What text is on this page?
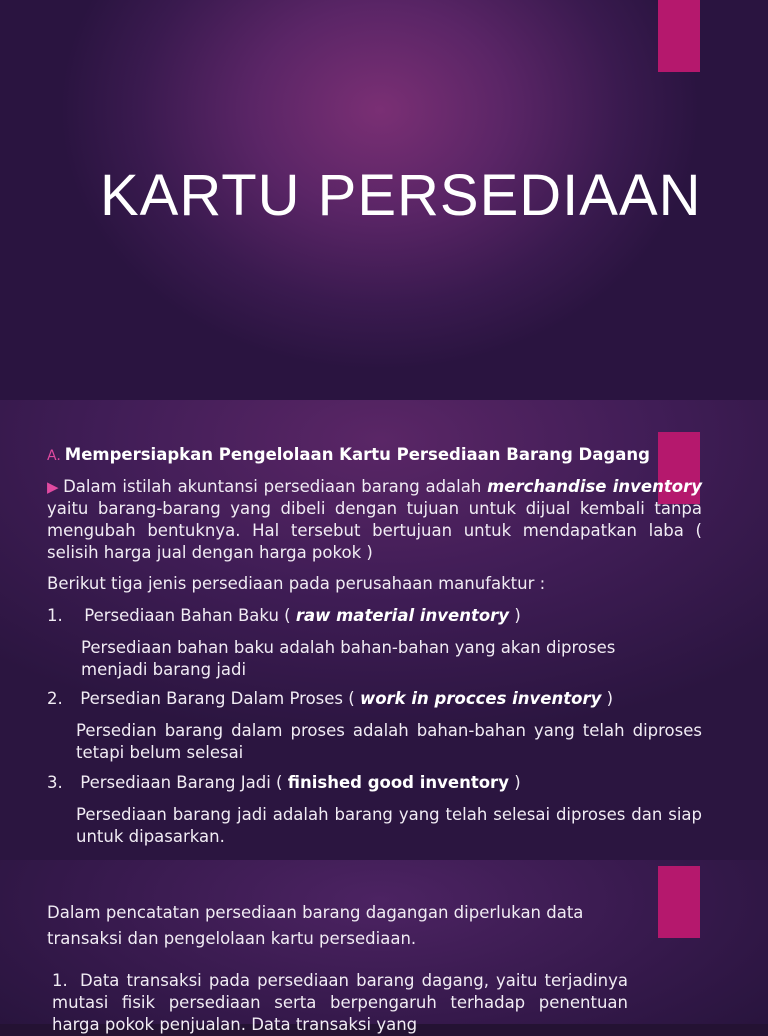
KARTU PERSEDIAAN
A. Mempersiapkan Pengelolaan Kartu Persediaan Barang Dagang
▶ Dalam istilah akuntansi persediaan barang adalah merchandise inventory yaitu barang-barang yang dibeli dengan tujuan untuk dijual kembali tanpa mengubah bentuknya. Hal tersebut bertujuan untuk mendapatkan laba ( selisih harga jual dengan harga pokok )
Berikut tiga jenis persediaan pada perusahaan manufaktur :
1. Persediaan Bahan Baku ( raw material inventory )
Persediaan bahan baku adalah bahan-bahan yang akan diproses menjadi barang jadi
2. Persedian Barang Dalam Proses ( work in procces inventory )
Persedian barang dalam proses adalah bahan-bahan yang telah diproses tetapi belum selesai
3. Persediaan Barang Jadi ( finished good inventory )
Persediaan barang jadi adalah barang yang telah selesai diproses dan siap untuk dipasarkan.
Dalam pencatatan persediaan barang dagangan diperlukan data transaksi dan pengelolaan kartu persediaan.
1. Data transaksi pada persediaan barang dagang, yaitu terjadinya mutasi fisik persediaan serta berpengaruh terhadap penentuan harga pokok penjualan. Data transaksi yang
